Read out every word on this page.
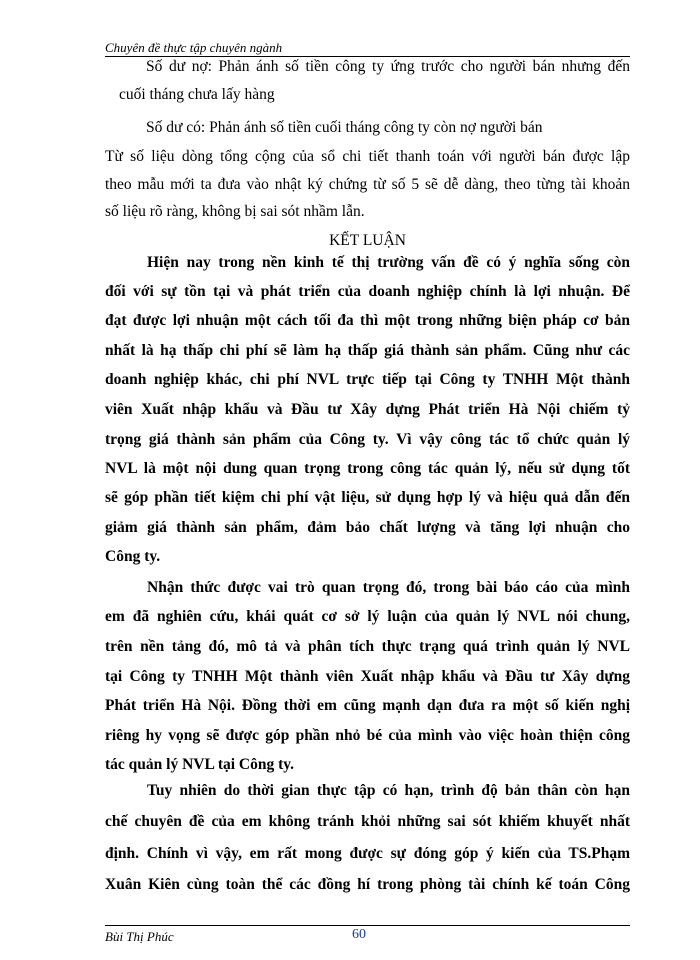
Chuyên đề thực tập chuyên ngành
Số dư nợ: Phản ánh số tiền công ty ứng trước cho người bán nhưng đến
cuối tháng chưa lấy hàng
Số dư có: Phản ánh số tiền cuối tháng công ty còn nợ người bán
Từ số liệu dòng tổng cộng của sổ chi tiết thanh toán với người bán được lập
theo mẫu mới ta đưa vào nhật ký chứng từ số 5 sẽ dễ dàng, theo từng tài khoản
số liệu rõ ràng, không bị sai sót nhầm lẫn.
KẾT LUẬN
Hiện nay trong nền kinh tế thị trường vấn đề có ý nghĩa sống còn
đối với sự tồn tại và phát triển của doanh nghiệp chính là lợi nhuận. Để
đạt được lợi nhuận một cách tối đa thì một trong những biện pháp cơ bản
nhất là hạ thấp chi phí sẽ làm hạ thấp giá thành sản phẩm. Cũng như các
doanh nghiệp khác, chi phí NVL trực tiếp tại Công ty TNHH Một thành
viên Xuất nhập khẩu và Đầu tư Xây dựng Phát triển Hà Nội chiếm tỷ
trọng giá thành sản phẩm của Công ty. Vì vậy công tác tổ chức quản lý
NVL là một nội dung quan trọng trong công tác quản lý, nếu sử dụng tốt
sẽ góp phần tiết kiệm chi phí vật liệu, sử dụng hợp lý và hiệu quả dẫn đến
giảm giá thành sản phẩm, đảm bảo chất lượng và tăng lợi nhuận cho
Công ty.
Nhận thức được vai trò quan trọng đó, trong bài báo cáo của mình
em đã nghiên cứu, khái quát cơ sở lý luận của quản lý NVL nói chung,
trên nền tảng đó, mô tả và phân tích thực trạng quá trình quản lý NVL
tại Công ty TNHH Một thành viên Xuất nhập khẩu và Đầu tư Xây dựng
Phát triển Hà Nội. Đồng thời em cũng mạnh dạn đưa ra một số kiến nghị
riêng hy vọng sẽ được góp phần nhỏ bé của mình vào việc hoàn thiện công
tác quản lý NVL tại Công ty.
Tuy nhiên do thời gian thực tập có hạn, trình độ bản thân còn hạn
chế chuyên đề của em không tránh khỏi những sai sót khiếm khuyết nhất
định. Chính vì vậy, em rất mong được sự đóng góp ý kiến của TS.Phạm
Xuân Kiên cùng toàn thể các đồng hí trong phòng tài chính kế toán Công
Bùi Thị Phúc	60
